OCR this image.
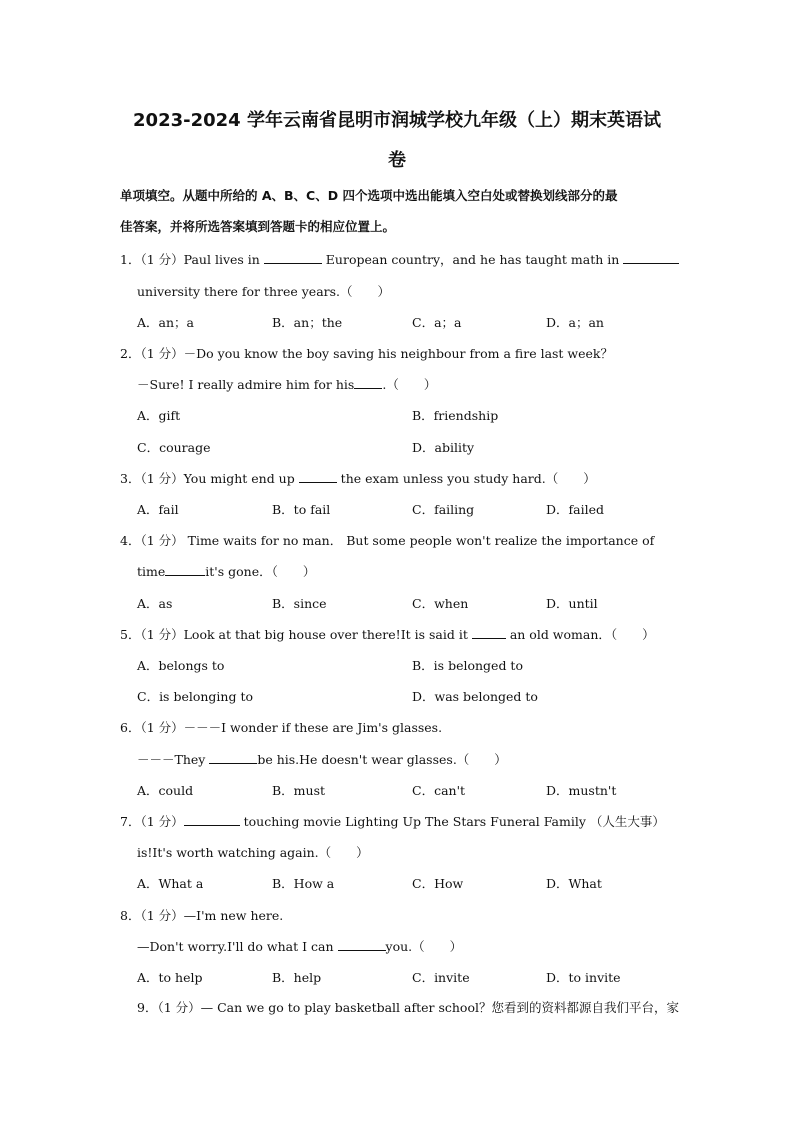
2023-2024 学年云南省昆明市润城学校九年级（上）期末英语试
卷
单项填空。从题中所给的 A、B、C、D 四个选项中选出能填入空白处或替换划线部分的最
佳答案，并将所选答案填到答题卡的相应位置上。
1．（1 分）Paul lives in	European country，and he has taught math in
university there for three years.（　　）
A．an；a	B．an；the	C．a；a	D．a；an
2．（1 分）－Do you know the boy saving his neighbour from a fire last week？
－Sure! I really admire him for his .（　　）
A．gift	B．friendship
C．courage	D．ability
3．（1 分）You might end up	the exam unless you study hard.（　　）
A．fail	B．to fail	C．failing	D．failed
4．（1 分） Time waits for no man． But some people won't realize the importance of
time	it's gone．（　　）
A．as	B．since	C．when	D．until
5．（1 分）Look at that big house over there!It is said it	an old woman．（　　）
A．belongs to	B．is belonged to
C．is belonging to	D．was belonged to
6．（1 分）－－－I wonder if these are Jim's glasses.
－－－They	be his.He doesn't wear glasses.（　　）
A．could	B．must	C．can't	D．mustn't
7．（1 分）	touching movie Lighting Up The Stars Funeral Family （人生大事）
is!It's worth watching again.（　　）
A．What a	B．How a	C．How	D．What
8．（1 分）—I'm new here.
—Don't worry.I'll do what I can	you.（　　）
A．to help	B．help	C．invite	D．to invite
9．（1 分）— Can we go to play basketball after school？您看到的资料都源自我们平台，家
